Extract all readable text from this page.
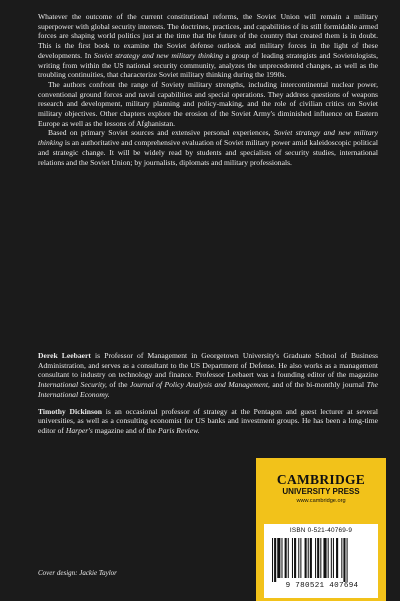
Whatever the outcome of the current constitutional reforms, the Soviet Union will remain a military superpower with global security interests. The doctrines, practices, and capabilities of its still formidable armed forces are shaping world politics just at the time that the future of the country that created them is in doubt. This is the first book to examine the Soviet defense outlook and military forces in the light of these developments. In Soviet strategy and new military thinking a group of leading strategists and Sovietologists, writing from within the US national security community, analyzes the unprecedented changes, as well as the troubling continuities, that characterize Soviet military thinking during the 1990s.

The authors confront the range of Soviety military strengths, including intercontinental nuclear power, conventional ground forces and naval capabilities and special operations. They address questions of weapons research and development, military planning and policy-making, and the role of civilian critics on Soviet military objectives. Other chapters explore the erosion of the Soviet Army's diminished influence on Eastern Europe as well as the lessons of Afghanistan.

Based on primary Soviet sources and extensive personal experiences, Soviet strategy and new military thinking is an authoritative and comprehensive evaluation of Soviet military power amid kaleidoscopic political and strategic change. It will be widely read by students and specialists of security studies, international relations and the Soviet Union; by journalists, diplomats and military professionals.

Derek Leebaert is Professor of Management in Georgetown University's Graduate School of Business Administration, and serves as a consultant to the US Department of Defense. He also works as a management consultant to industry on technology and finance. Professor Leebaert was a founding editor of the magazine International Security, of the Journal of Policy Analysis and Management, and of the bi-monthly journal The International Economy.

Timothy Dickinson is an occasional professor of strategy at the Pentagon and guest lecturer at several universities, as well as a consulting economist for US banks and investment groups. He has been a long-time editor of Harper's magazine and of the Paris Review.

Cover design: Jackie Taylor
CAMBRIDGE
UNIVERSITY PRESS
www.cambridge.org
ISBN 0-521-40769-9
9 780521 407694
